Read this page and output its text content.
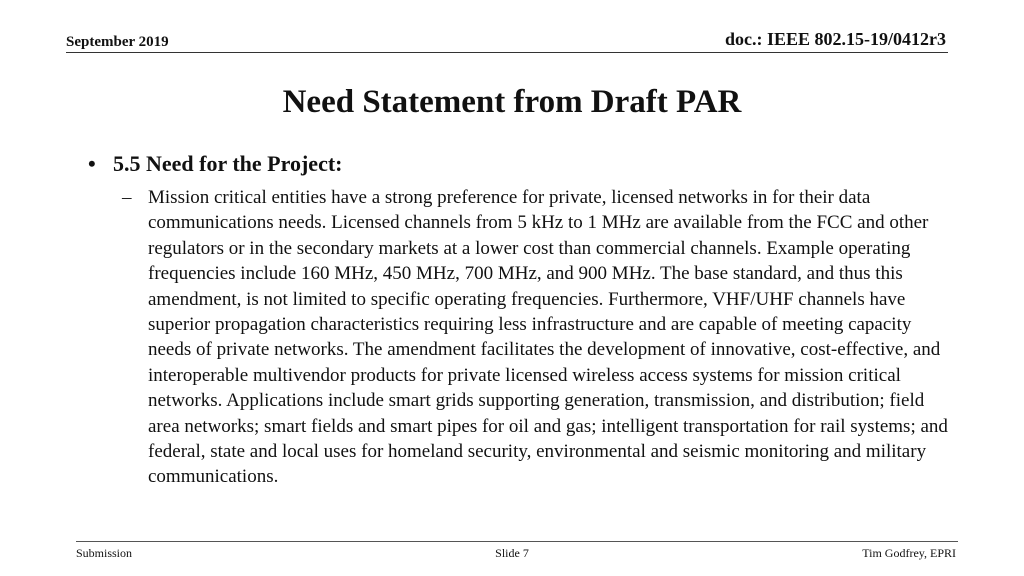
September 2019	doc.: IEEE 802.15-19/0412r3
Need Statement from Draft PAR
• 5.5 Need for the Project:
– Mission critical entities have a strong preference for private, licensed networks in for their data communications needs. Licensed channels from 5 kHz to 1 MHz are available from the FCC and other regulators or in the secondary markets at a lower cost than commercial channels. Example operating frequencies include 160 MHz, 450 MHz, 700 MHz, and 900 MHz. The base standard, and thus this amendment, is not limited to specific operating frequencies. Furthermore, VHF/UHF channels have superior propagation characteristics requiring less infrastructure and are capable of meeting capacity needs of private networks. The amendment facilitates the development of innovative, cost-effective, and interoperable multivendor products for private licensed wireless access systems for mission critical networks. Applications include smart grids supporting generation, transmission, and distribution; field area networks; smart fields and smart pipes for oil and gas; intelligent transportation for rail systems; and federal, state and local uses for homeland security, environmental and seismic monitoring and military communications.

Submission	Slide 7	Tim Godfrey, EPRI
